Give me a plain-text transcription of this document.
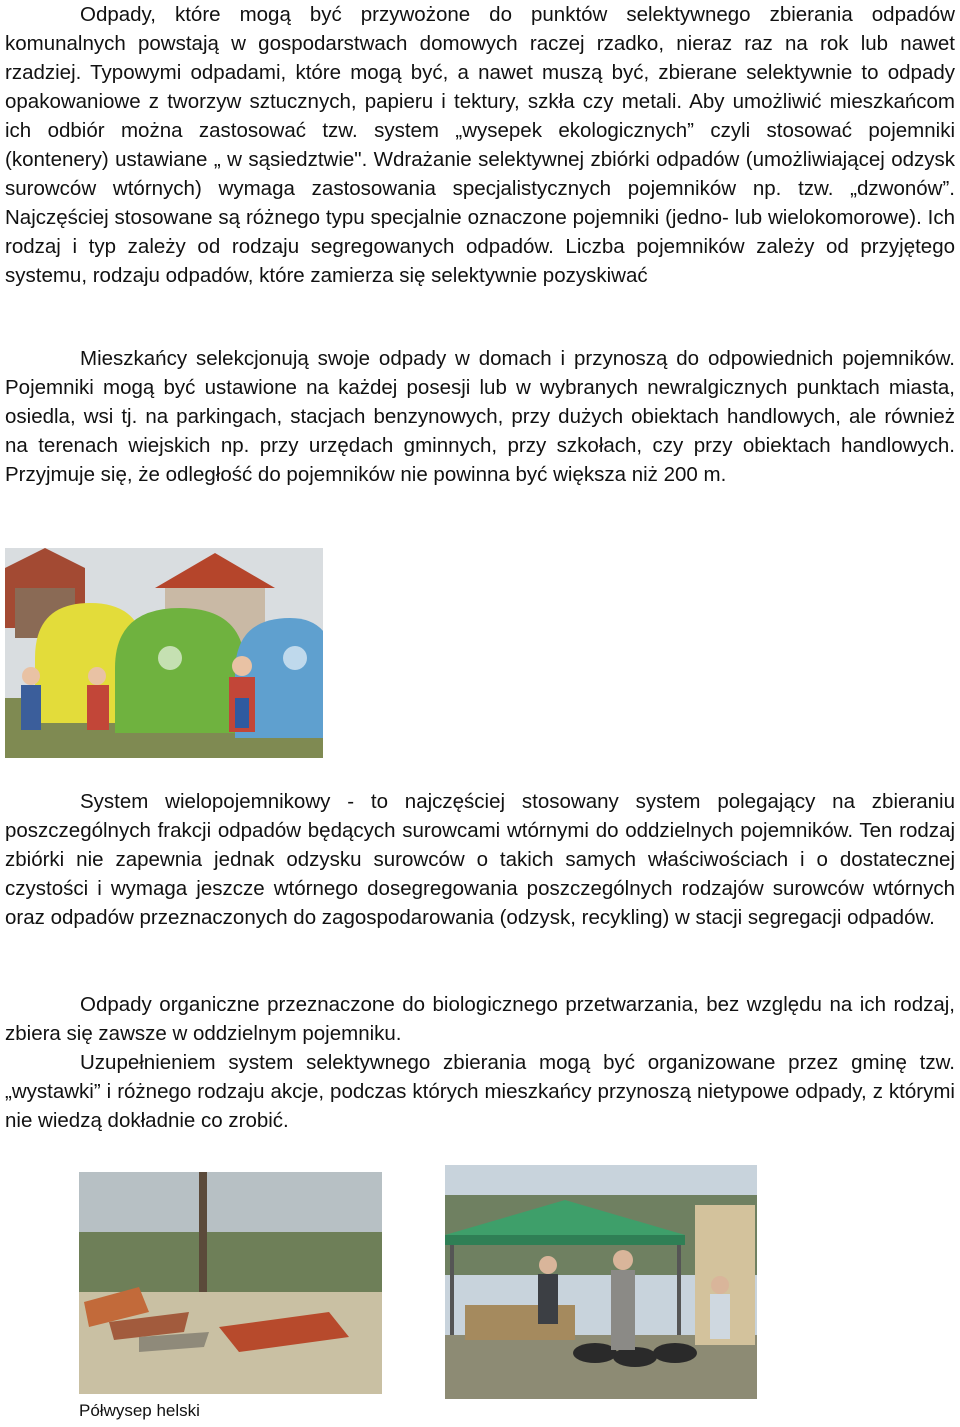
Odpady, które mogą być przywożone do punktów selektywnego zbierania odpadów komunalnych powstają w gospodarstwach domowych raczej rzadko, nieraz raz na rok lub nawet rzadziej. Typowymi odpadami, które mogą być, a nawet muszą być, zbierane selektywnie to odpady opakowaniowe z tworzyw sztucznych, papieru i tektury, szkła czy metali. Aby umożliwić mieszkańcom ich odbiór można zastosować tzw. system „wysepek ekologicznych” czyli stosować pojemniki (kontenery) ustawiane „ w sąsiedztwie". Wdrażanie selektywnej zbiórki odpadów (umożliwiającej odzysk surowców wtórnych) wymaga zastosowania specjalistycznych pojemników np. tzw. „dzwonów”. Najczęściej stosowane są różnego typu specjalnie oznaczone pojemniki (jedno- lub wielokomorowe). Ich rodzaj i typ zależy od rodzaju segregowanych odpadów. Liczba pojemników zależy od przyjętego systemu, rodzaju odpadów, które zamierza się selektywnie pozyskiwać
Mieszkańcy selekcjonują swoje odpady w domach i przynoszą do odpowiednich pojemników. Pojemniki mogą być ustawione na każdej posesji lub w wybranych newralgicznych punktach miasta, osiedla, wsi tj. na parkingach, stacjach benzynowych, przy dużych obiektach handlowych, ale również na terenach wiejskich np. przy urzędach gminnych, przy szkołach, czy przy obiektach handlowych. Przyjmuje się, że odległość do pojemników nie powinna być większa niż 200 m.
System wielopojemnikowy - to najczęściej stosowany system polegający na zbieraniu poszczególnych frakcji odpadów będących surowcami wtórnymi do oddzielnych pojemników. Ten rodzaj zbiórki nie zapewnia jednak odzysku surowców o takich samych właściwościach i o dostatecznej czystości i wymaga jeszcze wtórnego dosegregowania poszczególnych rodzajów surowców wtórnych oraz odpadów przeznaczonych do zagospodarowania (odzysk, recykling) w stacji segregacji odpadów.
Odpady organiczne przeznaczone do biologicznego przetwarzania, bez względu na ich rodzaj, zbiera się zawsze w oddzielnym pojemniku.
Uzupełnieniem system selektywnego zbierania mogą być organizowane przez gminę tzw. „wystawki” i różnego rodzaju akcje, podczas których mieszkańcy przynoszą nietypowe odpady, z którymi nie wiedzą dokładnie co zrobić.
Półwysep helski
